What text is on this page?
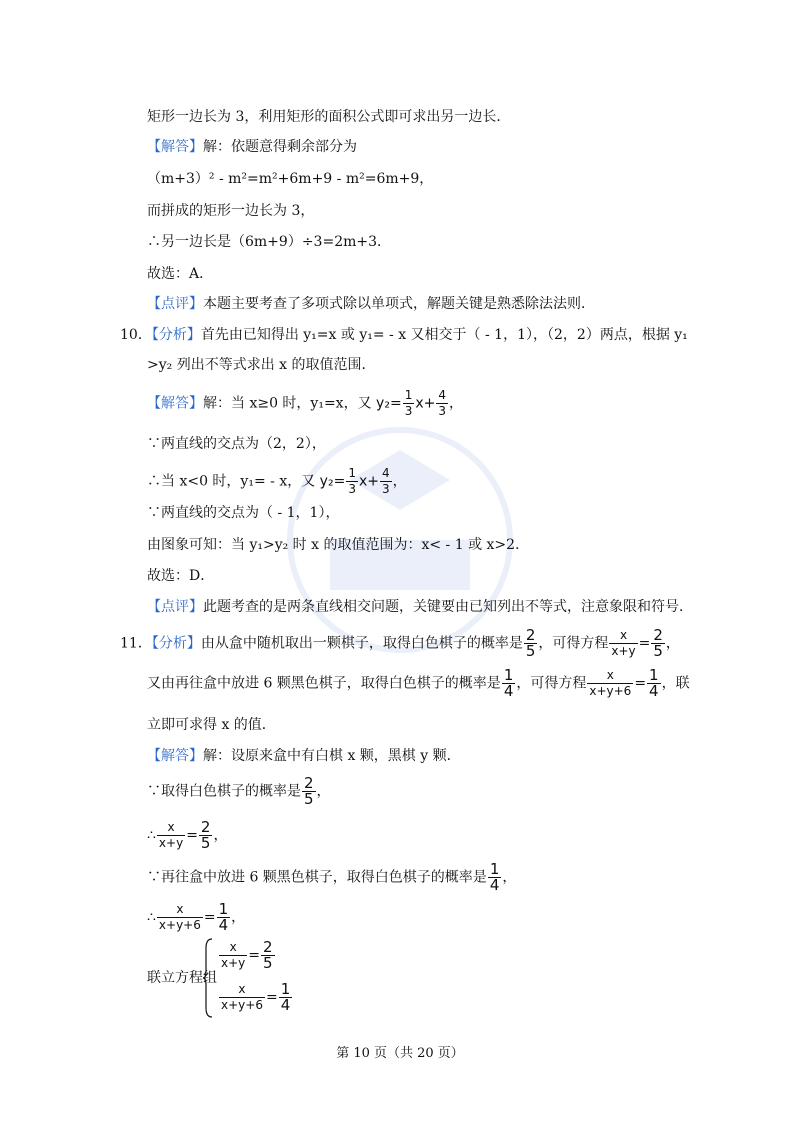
矩形一边长为 3，利用矩形的面积公式即可求出另一边长．
【解答】解：依题意得剩余部分为
（m+3）² - m²=m²+6m+9 - m²=6m+9，
而拼成的矩形一边长为 3，
∴另一边长是（6m+9）÷3=2m+3．
故选：A．
【点评】本题主要考查了多项式除以单项式，解题关键是熟悉除法法则．
10．【分析】首先由已知得出 y₁=x 或 y₁= - x 又相交于（ - 1，1），（2，2）两点，根据 y₁
>y₂ 列出不等式求出 x 的取值范围．
【解答】解：当 x≥0 时，y₁=x，又 $y_2= \frac{1}{3} x+ \frac{4}{3}$ ，
∵两直线的交点为（2，2），
∴当 x<0 时，y₁= - x，又 $y_2= \frac{1}{3} x+ \frac{4}{3}$ ，
∵两直线的交点为（ - 1，1），
由图象可知：当 y₁>y₂ 时 x 的取值范围为：x< - 1 或 x>2．
故选：D．
【点评】此题考查的是两条直线相交问题，关键要由已知列出不等式，注意象限和符号．
11．【分析】由从盒中随机取出一颗棋子，取得白色棋子的概率是 $\frac{2}{5}$ ，可得方程 $\frac{x}{x+y} = \frac{2}{5}$ ，
又由再往盒中放进 6 颗黑色棋子，取得白色棋子的概率是 $\frac{1}{4}$ ，可得方程 $\frac{x}{x+y+6} = \frac{1}{4}$ ，联
立即可求得 x 的值．
【解答】解：设原来盒中有白棋 x 颗，黑棋 y 颗．
∵取得白色棋子的概率是 $\frac{2}{5}$ ，
∴ $\frac{x}{x+y} = \frac{2}{5}$ ，
∵再往盒中放进 6 颗黑色棋子，取得白色棋子的概率是 $\frac{1}{4}$ ，
∴ $\frac{x}{x+y+6} = \frac{1}{4}$ ，
联立方程组
$\frac{x}{x+y} = \frac{2}{5}$
$\frac{x}{x+y+6} = \frac{1}{4}$
第 10 页（共 20 页）
